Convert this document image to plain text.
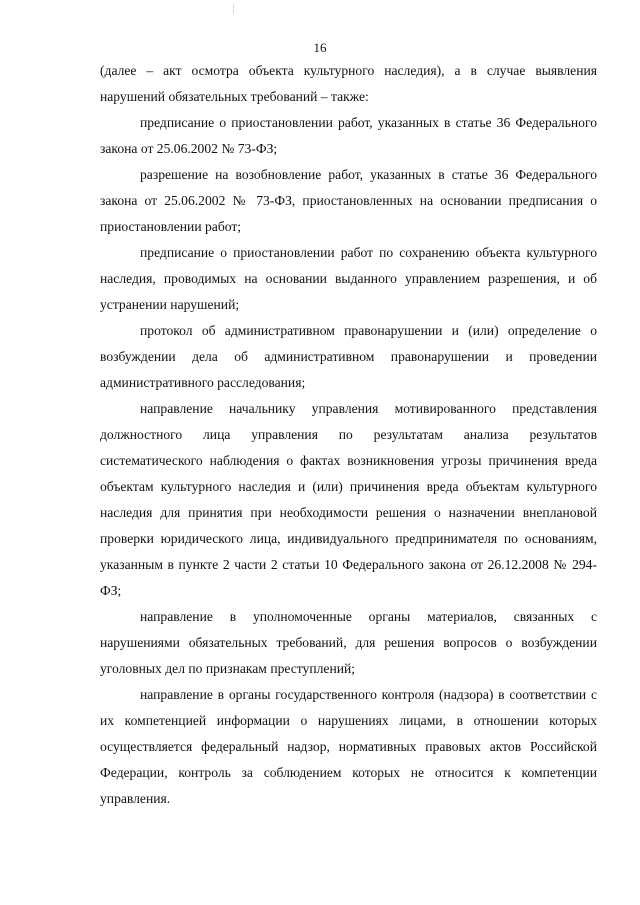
16

(далее – акт осмотра объекта культурного наследия), а в случае выявления нарушений обязательных требований – также:

предписание о приостановлении работ, указанных в статье 36 Федерального закона от 25.06.2002 № 73-ФЗ;

разрешение на возобновление работ, указанных в статье 36 Федерального закона от 25.06.2002 № 73-ФЗ, приостановленных на основании предписания о приостановлении работ;

предписание о приостановлении работ по сохранению объекта культурного наследия, проводимых на основании выданного управлением разрешения, и об устранении нарушений;

протокол об административном правонарушении и (или) определение о возбуждении дела об административном правонарушении и проведении административного расследования;

направление начальнику управления мотивированного представления должностного лица управления по результатам анализа результатов систематического наблюдения о фактах возникновения угрозы причинения вреда объектам культурного наследия и (или) причинения вреда объектам культурного наследия для принятия при необходимости решения о назначении внеплановой проверки юридического лица, индивидуального предпринимателя по основаниям, указанным в пункте 2 части 2 статьи 10 Федерального закона от 26.12.2008 № 294-ФЗ;

направление в уполномоченные органы материалов, связанных с нарушениями обязательных требований, для решения вопросов о возбуждении уголовных дел по признакам преступлений;

направление в органы государственного контроля (надзора) в соответствии с их компетенцией информации о нарушениях лицами, в отношении которых осуществляется федеральный надзор, нормативных правовых актов Российской Федерации, контроль за соблюдением которых не относится к компетенции управления.
